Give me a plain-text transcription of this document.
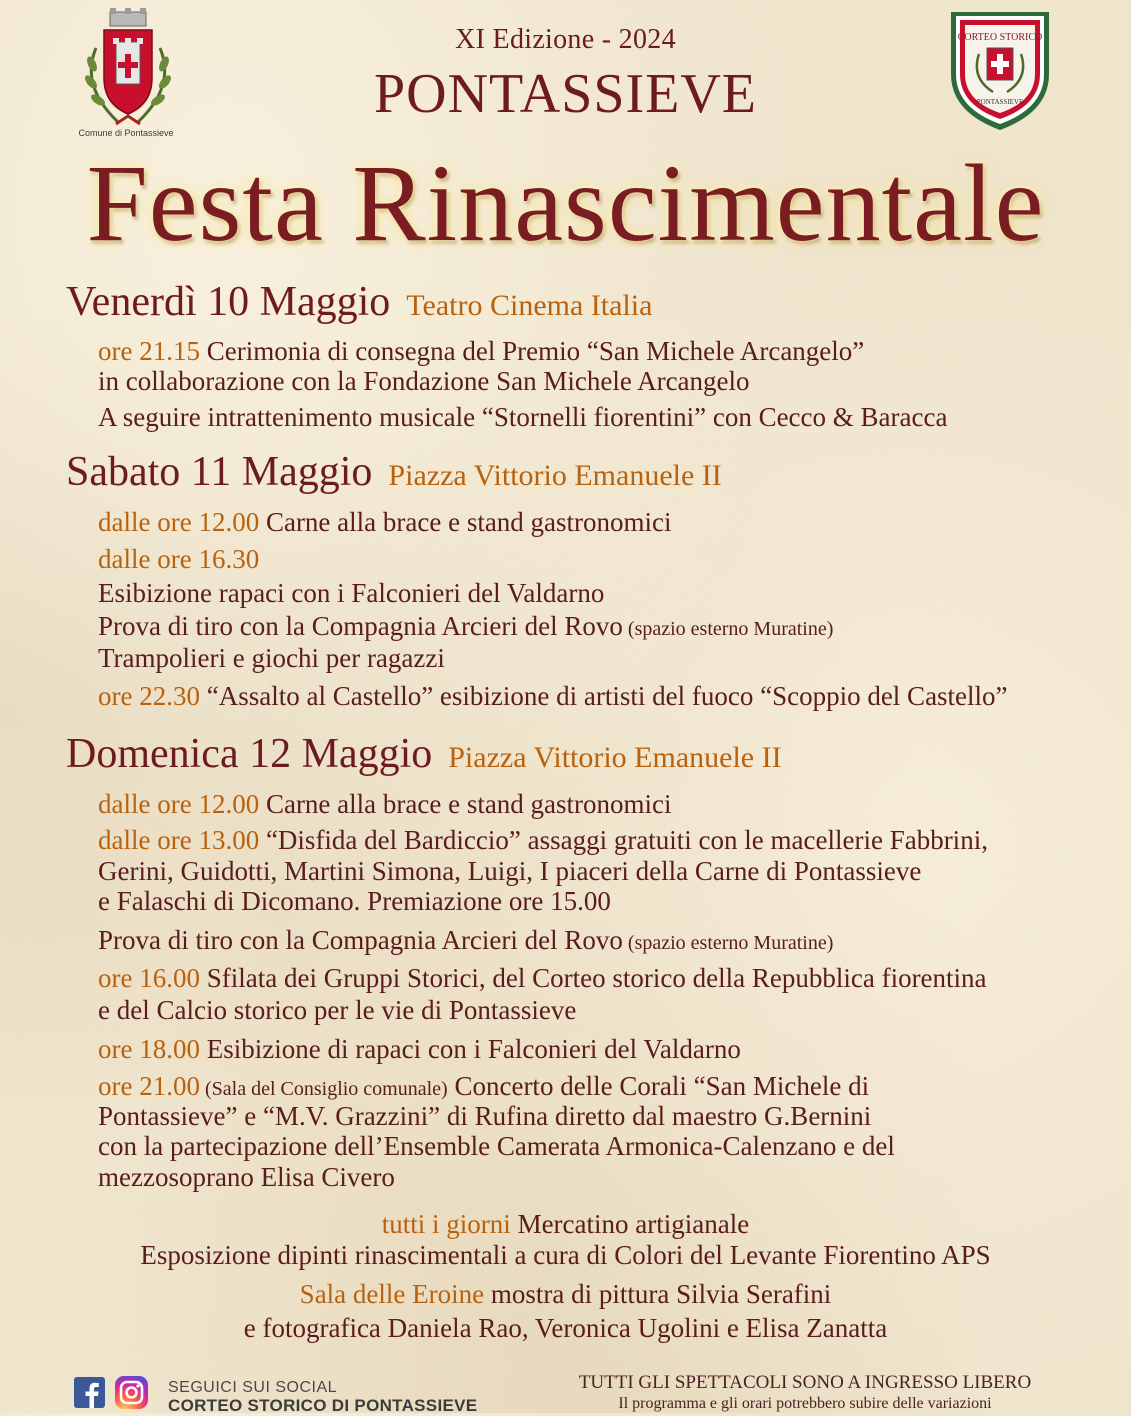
Comune di Pontassieve
CORTEO STORICO
PONTASSIEVE
XI Edizione - 2024
PONTASSIEVE
Festa Rinascimentale
Venerdì 10 Maggio Teatro Cinema Italia
ore 21.15 Cerimonia di consegna del Premio “San Michele Arcangelo”
in collaborazione con la Fondazione San Michele Arcangelo
A seguire intrattenimento musicale “Stornelli fiorentini” con Cecco & Baracca
Sabato 11 Maggio Piazza Vittorio Emanuele II
dalle ore 12.00 Carne alla brace e stand gastronomici
dalle ore 16.30
Esibizione rapaci con i Falconieri del Valdarno
Prova di tiro con la Compagnia Arcieri del Rovo (spazio esterno Muratine)
Trampolieri e giochi per ragazzi
ore 22.30 “Assalto al Castello” esibizione di artisti del fuoco “Scoppio del Castello”
Domenica 12 Maggio Piazza Vittorio Emanuele II
dalle ore 12.00 Carne alla brace e stand gastronomici
dalle ore 13.00 “Disfida del Bardiccio” assaggi gratuiti con le macellerie Fabbrini,
Gerini, Guidotti, Martini Simona, Luigi, I piaceri della Carne di Pontassieve
e Falaschi di Dicomano. Premiazione ore 15.00
Prova di tiro con la Compagnia Arcieri del Rovo (spazio esterno Muratine)
ore 16.00 Sfilata dei Gruppi Storici, del Corteo storico della Repubblica fiorentina
e del Calcio storico per le vie di Pontassieve
ore 18.00 Esibizione di rapaci con i Falconieri del Valdarno
ore 21.00 (Sala del Consiglio comunale) Concerto delle Corali “San Michele di
Pontassieve” e “M.V. Grazzini” di Rufina diretto dal maestro G.Bernini
con la partecipazione dell’Ensemble Camerata Armonica-Calenzano e del
mezzosoprano Elisa Civero
tutti i giorni Mercatino artigianale
Esposizione dipinti rinascimentali a cura di Colori del Levante Fiorentino APS
Sala delle Eroine mostra di pittura Silvia Serafini
e fotografica Daniela Rao, Veronica Ugolini e Elisa Zanatta
SEGUICI SUI SOCIAL
CORTEO STORICO DI PONTASSIEVE
TUTTI GLI SPETTACOLI SONO A INGRESSO LIBERO
Il programma e gli orari potrebbero subire delle variazioni
